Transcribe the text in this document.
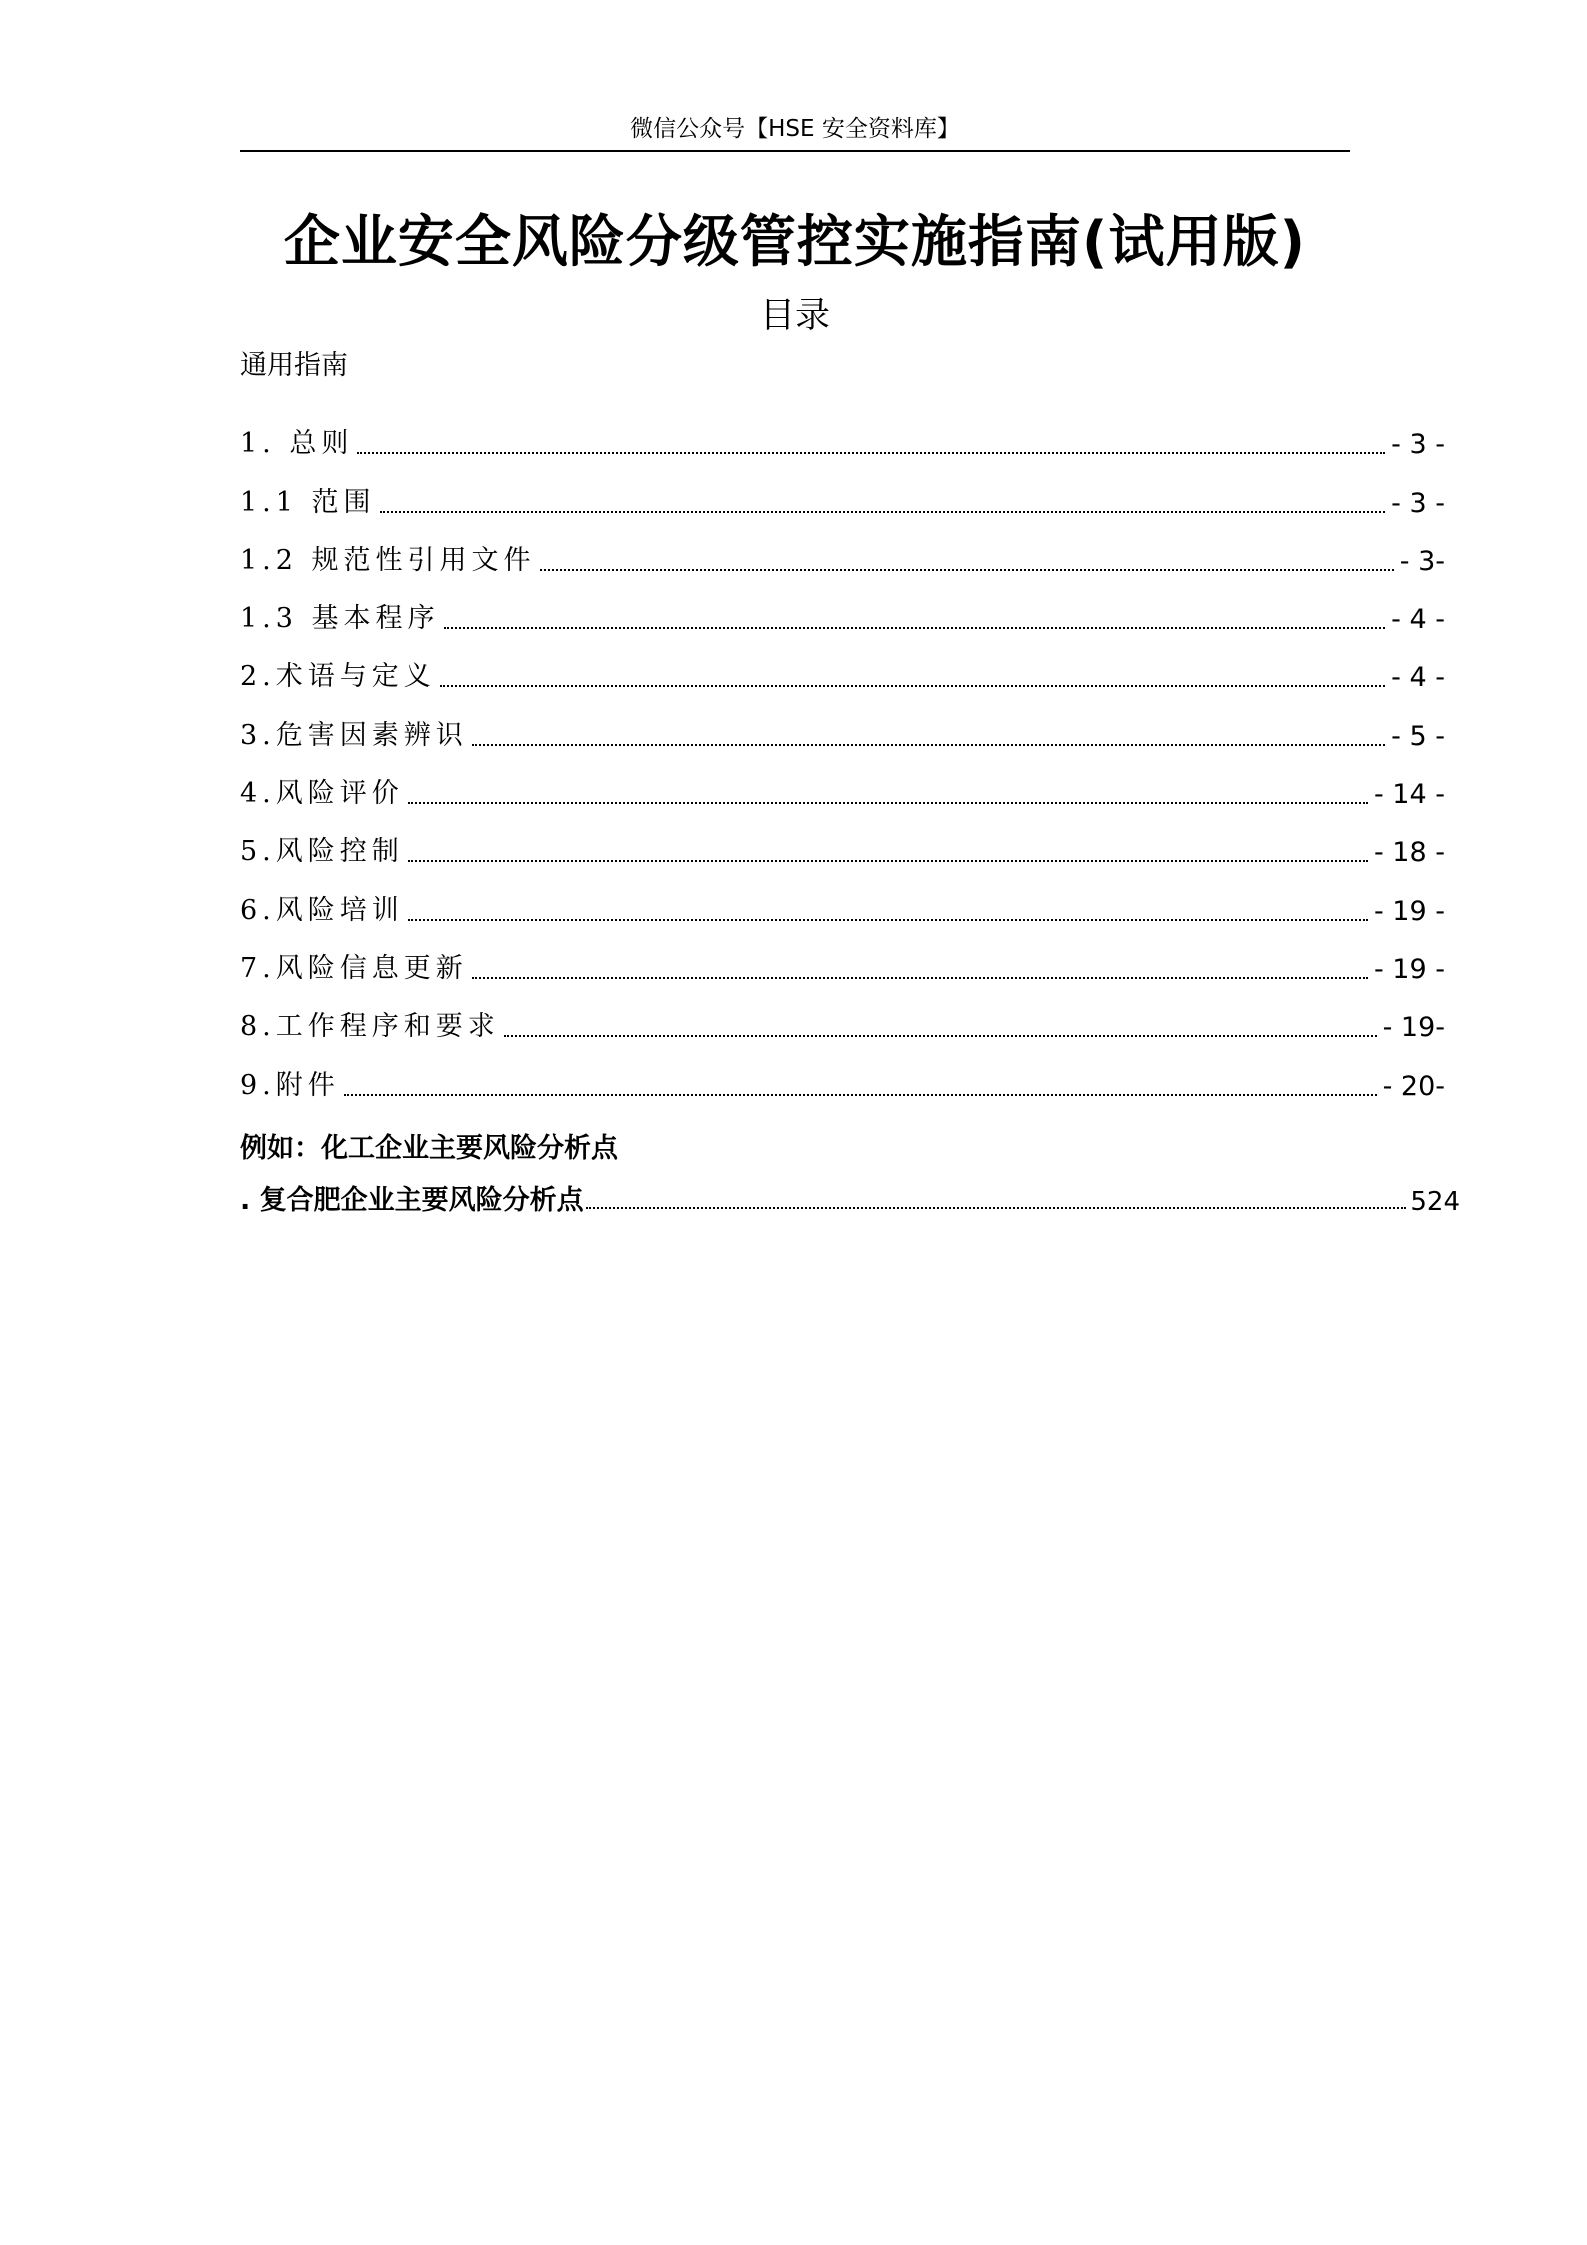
微信公众号【HSE 安全资料库】
企业安全风险分级管控实施指南(试用版)
目录
通用指南
1. 总则	- 3 -
1.1 范围	- 3 -
1.2 规范性引用文件	- 3-
1.3 基本程序	- 4 -
2.术语与定义	- 4 -
3.危害因素辨识	- 5 -
4.风险评价	- 14 -
5.风险控制	- 18 -
6.风险培训	- 19 -
7.风险信息更新	- 19 -
8.工作程序和要求	- 19-
9.附件	- 20-
例如：化工企业主要风险分析点
. 复合肥企业主要风险分析点	524
